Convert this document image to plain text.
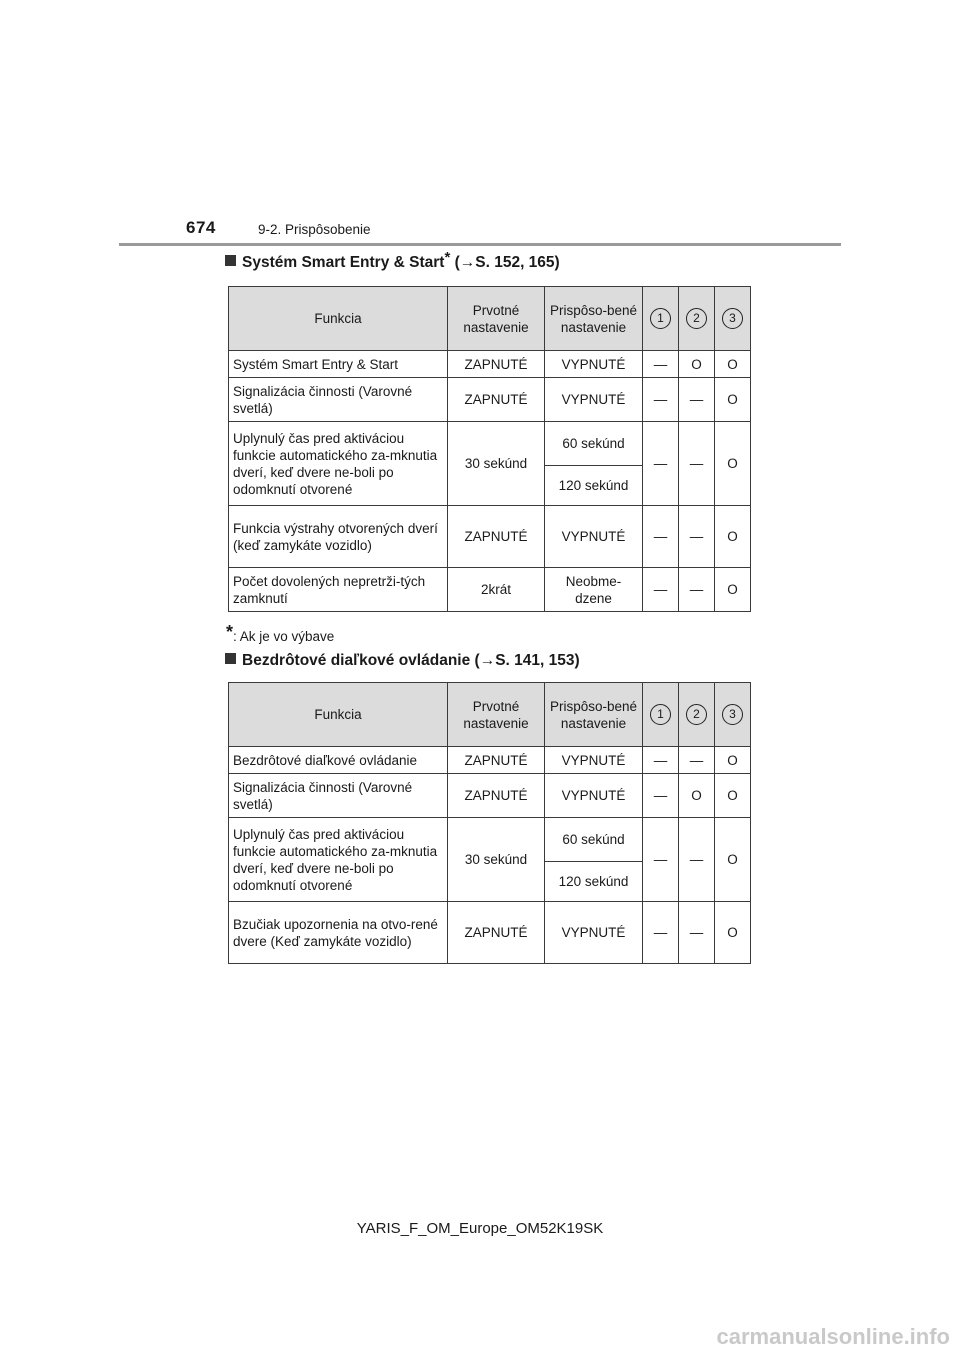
674	9-2. Prispôsobenie
Systém Smart Entry & Start* (→S. 152, 165)
Funkcia	Prvotné nastavenie	Prispôso-bené nastavenie	1	2	3
Systém Smart Entry & Start	ZAPNUTÉ	VYPNUTÉ	—	O	O
Signalizácia činnosti (Varovné svetlá)	ZAPNUTÉ	VYPNUTÉ	—	—	O
Uplynulý čas pred aktiváciou funkcie automatického za-mknutia dverí, keď dvere ne-boli po odomknutí otvorené	30 sekúnd	60 sekúnd	—	—	O
		120 sekúnd			
Funkcia výstrahy otvorených dverí (keď zamykáte vozidlo)	ZAPNUTÉ	VYPNUTÉ	—	—	O
Počet dovolených nepretrži-tých zamknutí	2krát	Neobme-dzene	—	—	O
*: Ak je vo výbave
Bezdrôtové diaľkové ovládanie (→S. 141, 153)
Funkcia	Prvotné nastavenie	Prispôso-bené nastavenie	1	2	3
Bezdrôtové diaľkové ovládanie	ZAPNUTÉ	VYPNUTÉ	—	—	O
Signalizácia činnosti (Varovné svetlá)	ZAPNUTÉ	VYPNUTÉ	—	O	O
Uplynulý čas pred aktiváciou funkcie automatického za-mknutia dverí, keď dvere ne-boli po odomknutí otvorené	30 sekúnd	60 sekúnd	—	—	O
		120 sekúnd			
Bzučiak upozornenia na otvo-rené dvere (Keď zamykáte vozidlo)	ZAPNUTÉ	VYPNUTÉ	—	—	O
YARIS_F_OM_Europe_OM52K19SK
carmanualsonline.info
